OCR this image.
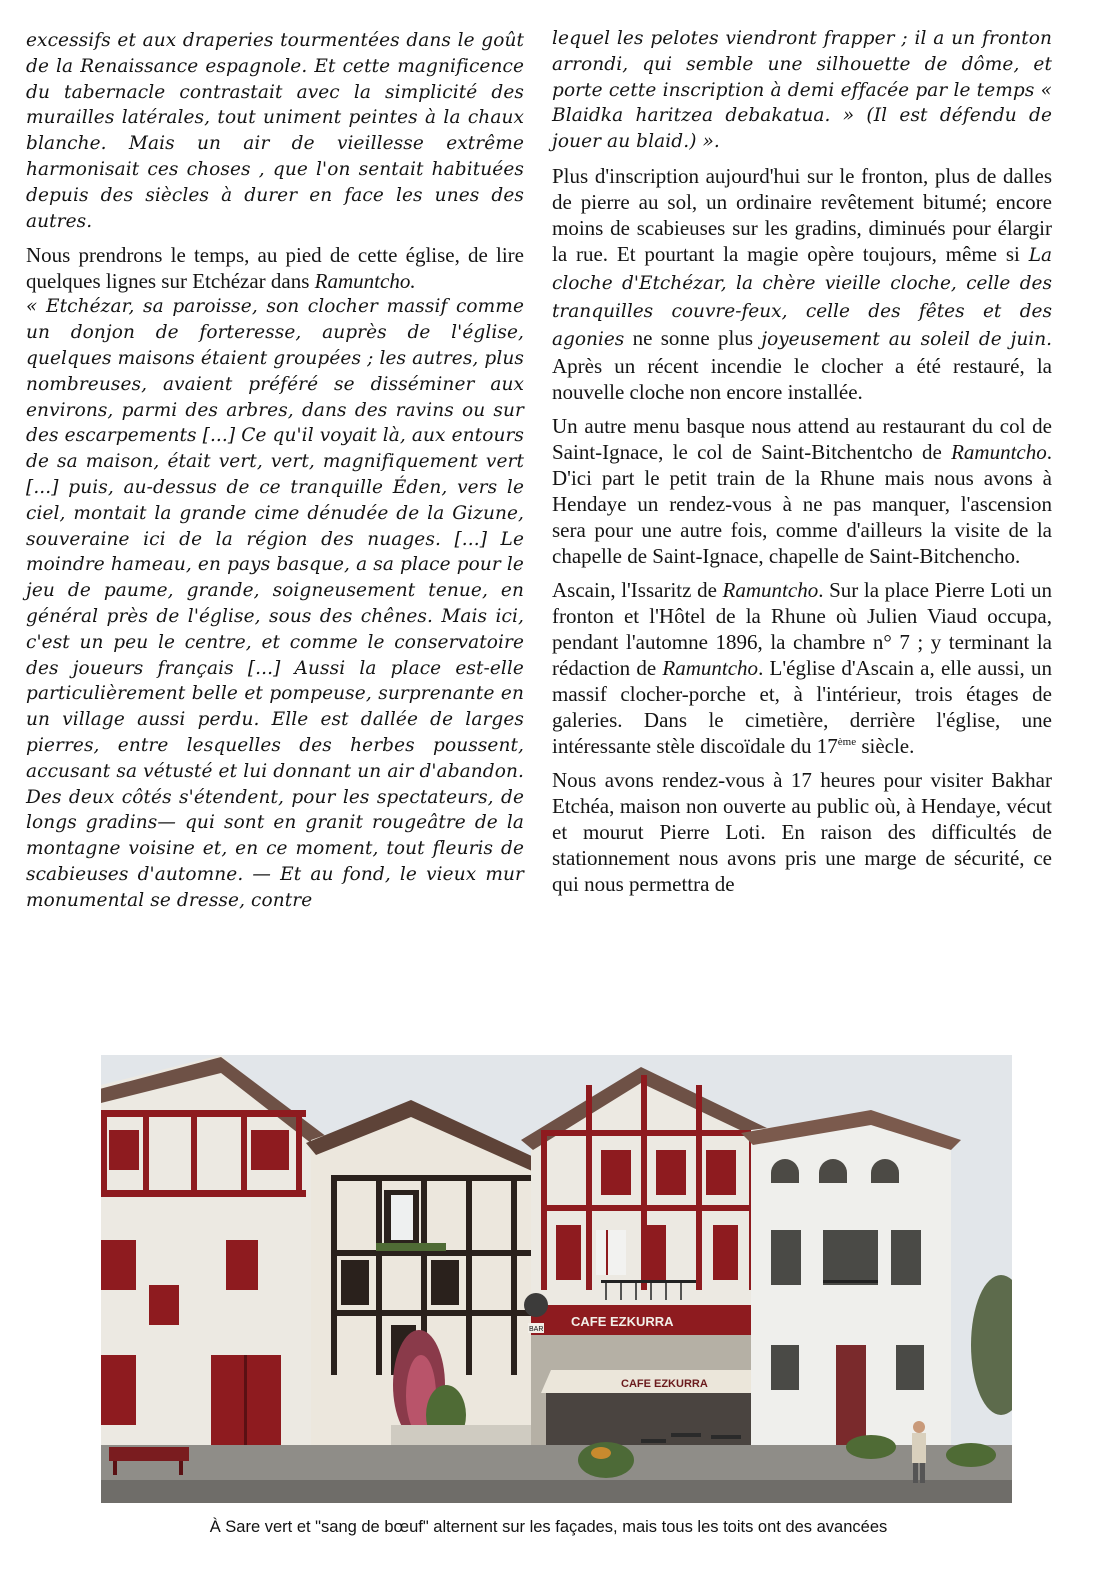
excessifs et aux draperies tourmentées dans le goût de la Renaissance espagnole. Et cette magnificence du tabernacle contrastait avec la simplicité des murailles latérales, tout uniment peintes à la chaux blanche. Mais un air de vieillesse extrême harmonisait ces choses , que l'on sentait habituées depuis des siècles à durer en face les unes des autres.

Nous prendrons le temps, au pied de cette église, de lire quelques lignes sur Etchézar dans Ramuntcho.

« Etchézar, sa paroisse, son clocher massif comme un donjon de forteresse, auprès de l'église, quelques maisons étaient groupées ; les autres, plus nombreuses, avaient préféré se disséminer aux environs, parmi des arbres, dans des ravins ou sur des escarpements [...] Ce qu'il voyait là, aux entours de sa maison, était vert, vert, magnifiquement vert [...] puis, au-dessus de ce tranquille Éden, vers le ciel, montait la grande cime dénudée de la Gizune, souveraine ici de la région des nuages. [...] Le moindre hameau, en pays basque, a sa place pour le jeu de paume, grande, soigneusement tenue, en général près de l'église, sous des chênes. Mais ici, c'est un peu le centre, et comme le conservatoire des joueurs français [...] Aussi la place est-elle particulièrement belle et pompeuse, surprenante en un village aussi perdu. Elle est dallée de larges pierres, entre lesquelles des herbes poussent, accusant sa vétusté et lui donnant un air d'abandon. Des deux côtés s'étendent, pour les spectateurs, de longs gradins— qui sont en granit rougeâtre de la montagne voisine et, en ce moment, tout fleuris de scabieuses d'automne. — Et au fond, le vieux mur monumental se dresse, contre

lequel les pelotes viendront frapper ; il a un fronton arrondi, qui semble une silhouette de dôme, et porte cette inscription à demi effacée par le temps « Blaidka haritzea debakatua. » (Il est défendu de jouer au blaid.) ».

Plus d'inscription aujourd'hui sur le fronton, plus de dalles de pierre au sol, un ordinaire revêtement bitumé; encore moins de scabieuses sur les gradins, diminués pour élargir la rue. Et pourtant la magie opère toujours, même si La cloche d'Etchézar, la chère vieille cloche, celle des tranquilles couvre-feux, celle des fêtes et des agonies ne sonne plus joyeusement au soleil de juin. Après un récent incendie le clocher a été restauré, la nouvelle cloche non encore installée.

Un autre menu basque nous attend au restaurant du col de Saint-Ignace, le col de Saint-Bitchentcho de Ramuntcho. D'ici part le petit train de la Rhune mais nous avons à Hendaye un rendez-vous à ne pas manquer, l'ascension sera pour une autre fois, comme d'ailleurs la visite de la chapelle de Saint-Ignace, chapelle de Saint-Bitchencho.

Ascain, l'Issaritz de Ramuntcho. Sur la place Pierre Loti un fronton et l'Hôtel de la Rhune où Julien Viaud occupa, pendant l'automne 1896, la chambre n° 7 ; y terminant la rédaction de Ramuntcho. L'église d'Ascain a, elle aussi, un massif clocher-porche et, à l'intérieur, trois étages de galeries. Dans le cimetière, derrière l'église, une intéressante stèle discoïdale du 17ème siècle.

Nous avons rendez-vous à 17 heures pour visiter Bakhar Etchéa, maison non ouverte au public où, à Hendaye, vécut et mourut Pierre Loti. En raison des difficultés de stationnement nous avons pris une marge de sécurité, ce qui nous permettra de

CAFE EZKURRA
CAFE EZKURRA
BAR
À Sare vert et "sang de bœuf" alternent sur les façades, mais tous les toits ont des avancées
